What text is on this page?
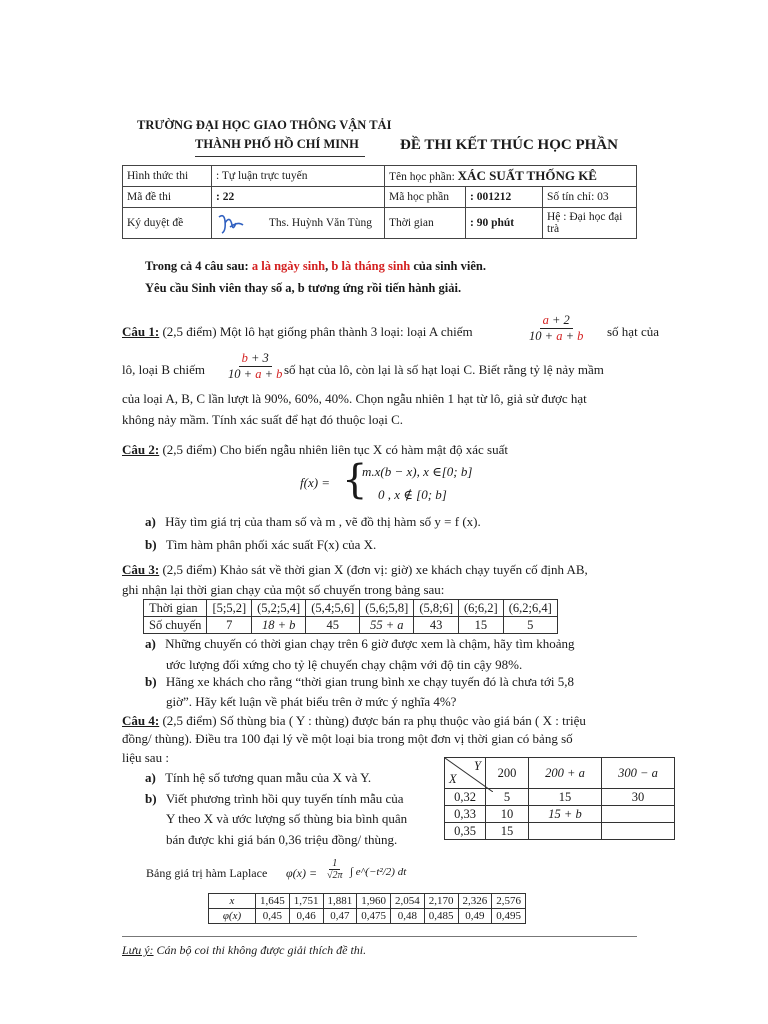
TRƯỜNG ĐẠI HỌC GIAO THÔNG VẬN TẢI
THÀNH PHỐ HỒ CHÍ MINH	ĐỀ THI KẾT THÚC HỌC PHẦN
Hình thức thi	: Tự luận trực tuyến	Tên học phần: XÁC SUẤT THỐNG KÊ		
Mã đề thi	: 22	Mã học phần	: 001212	Số tín chỉ: 03
Ký duyệt đề	Ths. Huỳnh Văn Tùng	Thời gian	: 90 phút	Hệ : Đại học đại trà
Trong cả 4 câu sau: a là ngày sinh, b là tháng sinh của sinh viên.
Yêu cầu Sinh viên thay số a, b tương ứng rồi tiến hành giải.
Câu 1: (2,5 điểm) Một lô hạt giống phân thành 3 loại: loại A chiếm	$\frac{a + 2}{10 + a + b}$ số hạt của
lô, loại B chiếm $\frac{b + 3}{10 + a + b}$
số hạt của lô, còn lại là số hạt loại C. Biết rằng tỷ lệ nảy mầm
của loại A, B, C lần lượt là 90%, 60%, 40%. Chọn ngẫu nhiên 1 hạt từ lô, giả sử được hạt
không nảy mầm. Tính xác suất để hạt đó thuộc loại C.
Câu 2: (2,5 điểm) Cho biến ngẫu nhiên liên tục X có hàm mật độ xác suất
f(x) = {
m.x(b − x), x ∈[0; b]
0 , x ∉ [0; b]
a) Hãy tìm giá trị của tham số và m , vẽ đồ thị hàm số y = f (x).
b) Tìm hàm phân phối xác suất F(x) của X.
Câu 3: (2,5 điểm) Khảo sát về thời gian X (đơn vị: giờ) xe khách chạy tuyến cố định AB,
ghi nhận lại thời gian chạy của một số chuyến trong bảng sau:
Thời gian	[5;5,2]	(5,2;5,4]	(5,4;5,6]	(5,6;5,8]	(5,8;6]	(6;6,2]	(6,2;6,4]
Số chuyến	7	18 + b	45	55 + a	43	15	5
a) Những chuyến có thời gian chạy trên 6 giờ được xem là chậm, hãy tìm khoảng
ước lượng đối xứng cho tỷ lệ chuyến chạy chậm với độ tin cậy 98%.
b) Hãng xe khách cho rằng “thời gian trung bình xe chạy tuyến đó là chưa tới 5,8
giờ”. Hãy kết luận về phát biểu trên ở mức ý nghĩa 4%?
Câu 4: (2,5 điểm) Số thùng bia ( Y : thùng) được bán ra phụ thuộc vào giá bán ( X : triệu
đồng/ thùng). Điều tra 100 đại lý về một loại bia trong một đơn vị thời gian có bảng số
liệu sau :
a) Tính hệ số tương quan mẫu của X và Y.
b) Viết phương trình hồi quy tuyến tính mẫu của
Y theo X và ước lượng số thùng bia bình quân
bán được khi giá bán 0,36 triệu đồng/ thùng.
Y
X	200	200 + a	300 − a
0,32	5	15	30
0,33	10	15 + b	
0,35	15		
Bảng giá trị hàm Laplace $\varphi(x) = \frac{1}{√2\pi}$ ∫ e^(−t²/2) dt
x	1,645	1,751	1,881	1,960	2,054	2,170	2,326	2,576
φ(x)	0,45	0,46	0,47	0,475	0,48	0,485	0,49	0,495
Lưu ý: Cán bộ coi thi không được giải thích đề thi.
